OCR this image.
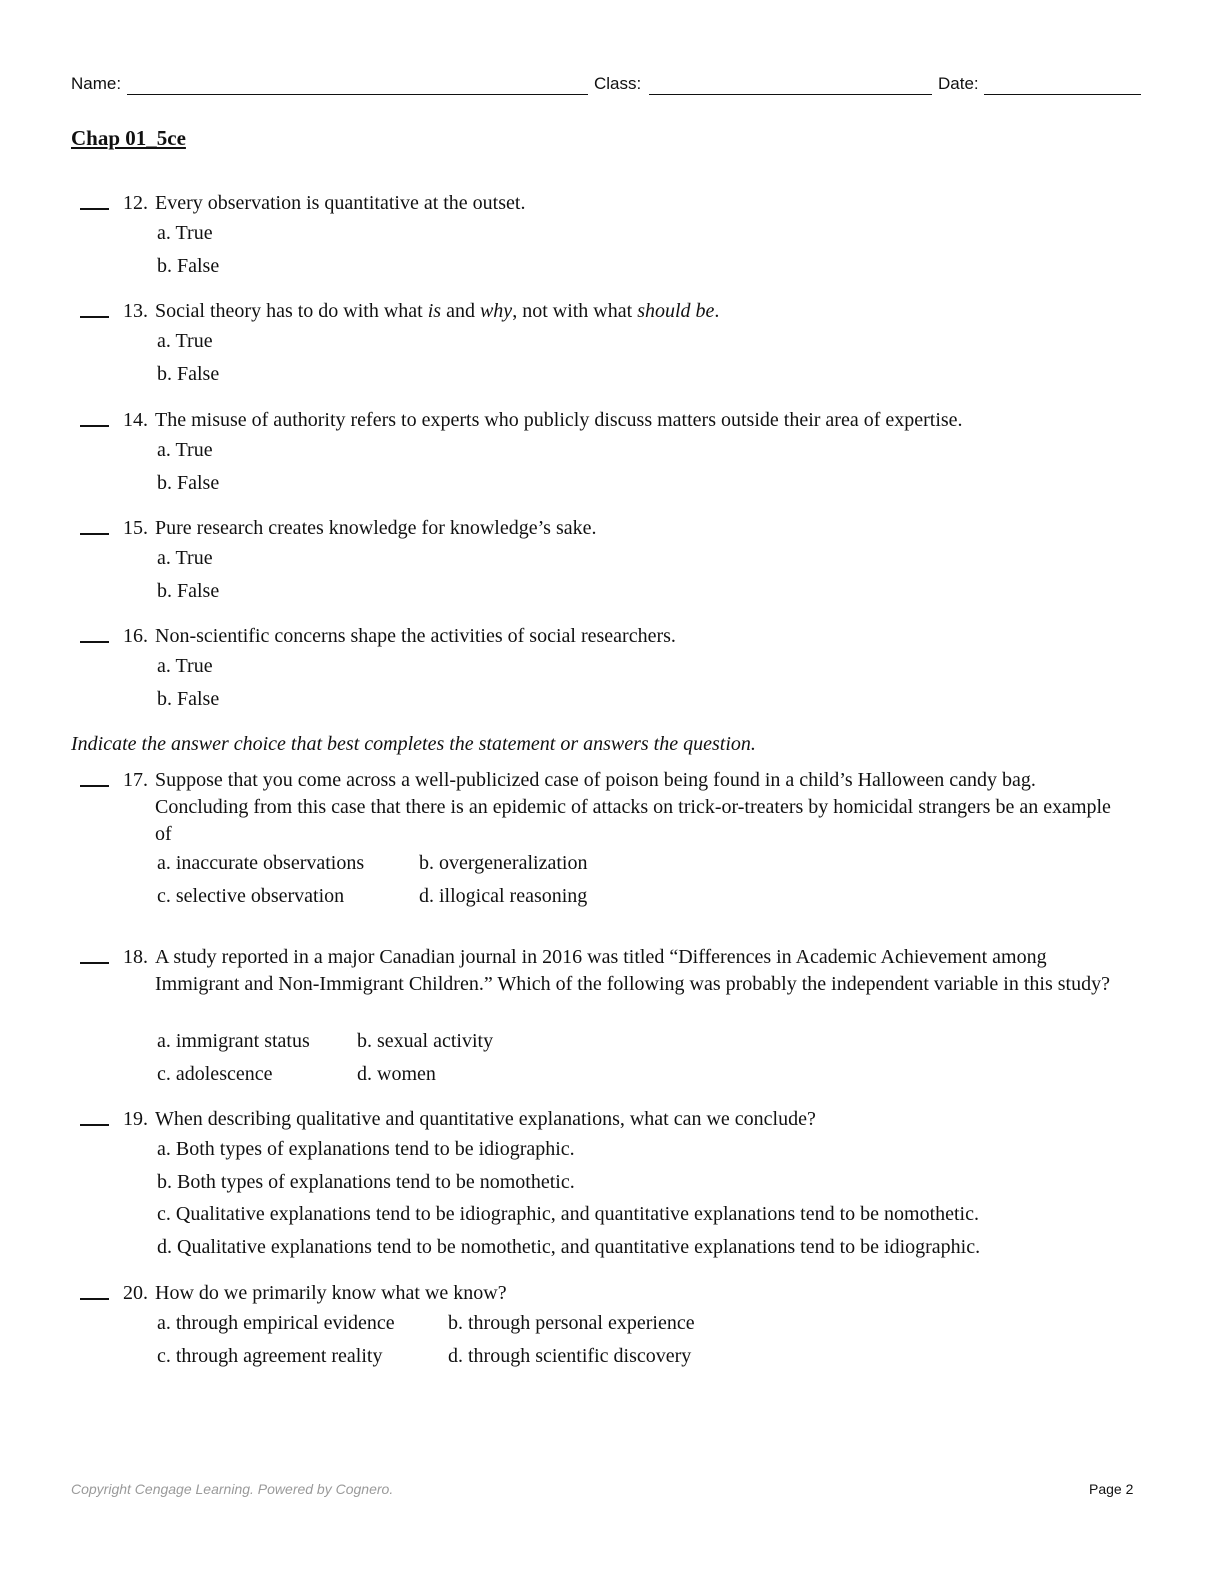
Name:	Class:	Date:
Chap 01_5ce
12. Every observation is quantitative at the outset.
a. True
b. False
13. Social theory has to do with what is and why, not with what should be.
a. True
b. False
14. The misuse of authority refers to experts who publicly discuss matters outside their area of expertise.
a. True
b. False
15. Pure research creates knowledge for knowledge’s sake.
a. True
b. False
16. Non-scientific concerns shape the activities of social researchers.
a. True
b. False
Indicate the answer choice that best completes the statement or answers the question.
17. Suppose that you come across a well-publicized case of poison being found in a child’s Halloween candy bag. Concluding from this case that there is an epidemic of attacks on trick-or-treaters by homicidal strangers be an example of
a. inaccurate observations	b. overgeneralization
c. selective observation	d. illogical reasoning
18. A study reported in a major Canadian journal in 2016 was titled “Differences in Academic Achievement among Immigrant and Non-Immigrant Children.” Which of the following was probably the independent variable in this study?
a. immigrant status b. sexual activity
c. adolescence	d. women
19. When describing qualitative and quantitative explanations, what can we conclude?
a. Both types of explanations tend to be idiographic.
b. Both types of explanations tend to be nomothetic.
c. Qualitative explanations tend to be idiographic, and quantitative explanations tend to be nomothetic.
d. Qualitative explanations tend to be nomothetic, and quantitative explanations tend to be idiographic.
20. How do we primarily know what we know?
a. through empirical evidence	b. through personal experience
c. through agreement reality	d. through scientific discovery
Copyright Cengage Learning. Powered by Cognero.	Page 2
